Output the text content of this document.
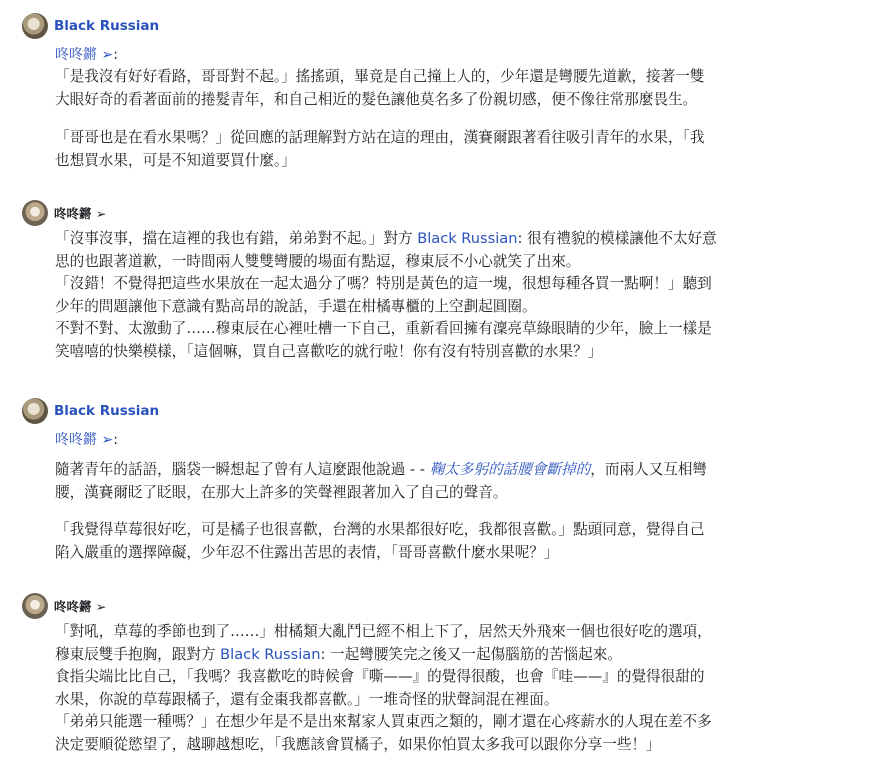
Black Russian
咚咚鏘 ➢:
「是我沒有好好看路，哥哥對不起。」搖搖頭，畢竟是自己撞上人的，少年還是彎腰先道歉，接著一雙
大眼好奇的看著面前的捲髮青年，和自己相近的髮色讓他莫名多了份親切感，便不像往常那麼畏生。
「哥哥也是在看水果嗎？」從回應的話理解對方站在這的理由，漢賽爾跟著看往吸引青年的水果，「我
也想買水果，可是不知道要買什麼。」
咚咚鏘 ➢
「沒事沒事，擋在這裡的我也有錯，弟弟對不起。」對方 Black Russian: 很有禮貌的模樣讓他不太好意
思的也跟著道歉，一時間兩人雙雙彎腰的場面有點逗，穆東辰不小心就笑了出來。
「沒錯！不覺得把這些水果放在一起太過分了嗎？特別是黃色的這一塊，很想每種各買一點啊！」聽到
少年的問題讓他下意識有點高昂的說話，手還在柑橘專櫃的上空劃起圓圈。
不對不對、太激動了……穆東辰在心裡吐槽一下自己，重新看回擁有澟亮草綠眼睛的少年，臉上一樣是
笑嘻嘻的快樂模樣，「這個嘛，買自己喜歡吃的就行啦！你有沒有特別喜歡的水果？」
Black Russian
咚咚鏘 ➢:
隨著青年的話語，腦袋一瞬想起了曾有人這麼跟他說過 - - 鞠太多躬的話腰會斷掉的，而兩人又互相彎
腰，漢賽爾眨了眨眼，在那大上許多的笑聲裡跟著加入了自己的聲音。
「我覺得草莓很好吃，可是橘子也很喜歡，台灣的水果都很好吃，我都很喜歡。」點頭同意，覺得自己
陷入嚴重的選擇障礙，少年忍不住露出苦思的表情，「哥哥喜歡什麼水果呢？」
咚咚鏘 ➢
「對吼，草莓的季節也到了……」柑橘類大亂鬥已經不相上下了，居然天外飛來一個也很好吃的選項，
穆東辰雙手抱胸，跟對方 Black Russian: 一起彎腰笑完之後又一起傷腦筋的苦惱起來。
食指尖端比比自己，「我嗎？我喜歡吃的時候會『嘶——』的覺得很酸，也會『哇——』的覺得很甜的
水果，你說的草莓跟橘子，還有金棗我都喜歡。」一堆奇怪的狀聲詞混在裡面。
「弟弟只能選一種嗎？」在想少年是不是出來幫家人買東西之類的，剛才還在心疼薪水的人現在差不多
決定要順從慾望了，越聊越想吃，「我應該會買橘子，如果你怕買太多我可以跟你分享一些！」
